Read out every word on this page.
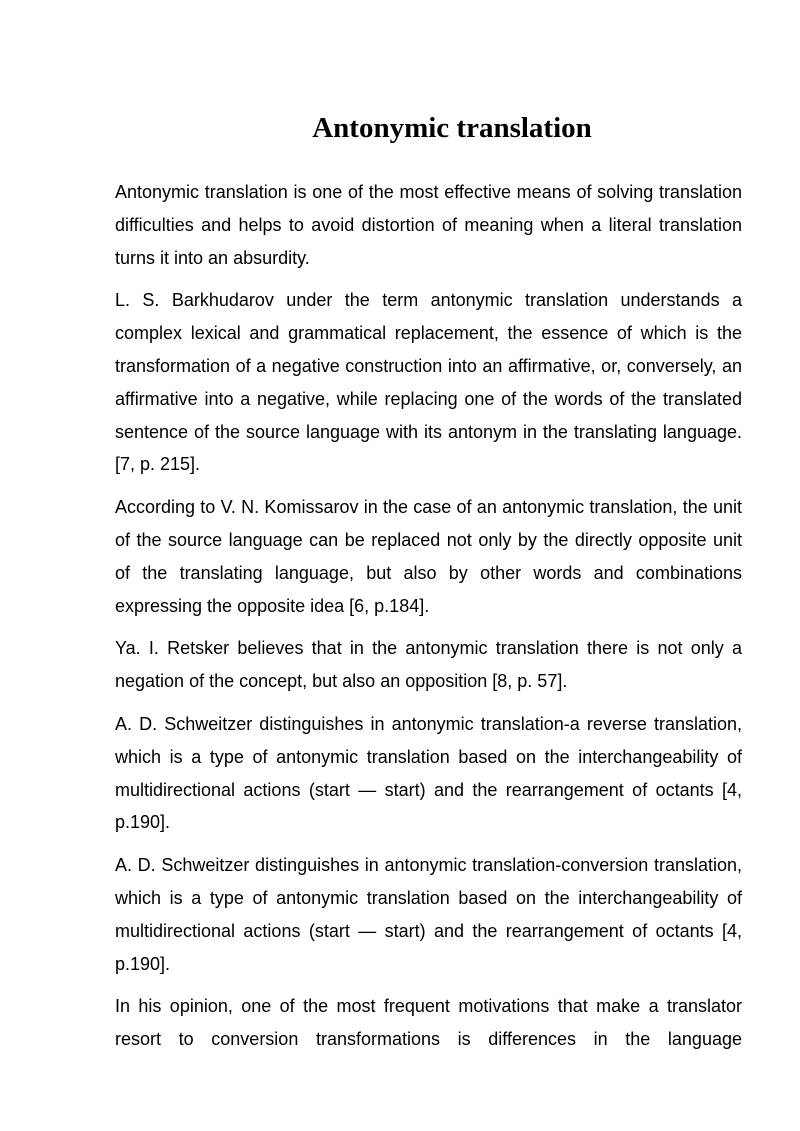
Antonymic translation

Antonymic translation is one of the most effective means of solving translation difficulties and helps to avoid distortion of meaning when a literal translation turns it into an absurdity.

L. S. Barkhudarov under the term antonymic translation understands a complex lexical and grammatical replacement, the essence of which is the transformation of a negative construction into an affirmative, or, conversely, an affirmative into a negative, while replacing one of the words of the translated sentence of the source language with its antonym in the translating language. [7, p. 215].

According to V. N. Komissarov in the case of an antonymic translation, the unit of the source language can be replaced not only by the directly opposite unit of the translating language, but also by other words and combinations expressing the opposite idea [6, p.184].

Ya. I. Retsker believes that in the antonymic translation there is not only a negation of the concept, but also an opposition [8, p. 57].

A. D. Schweitzer distinguishes in antonymic translation-a reverse translation, which is a type of antonymic translation based on the interchangeability of multidirectional actions (start — start) and the rearrangement of octants [4, p.190].

A. D. Schweitzer distinguishes in antonymic translation-conversion translation, which is a type of antonymic translation based on the interchangeability of multidirectional actions (start — start) and the rearrangement of octants [4, p.190].

In his opinion, one of the most frequent motivations that make a translator resort to conversion transformations is differences in the language
